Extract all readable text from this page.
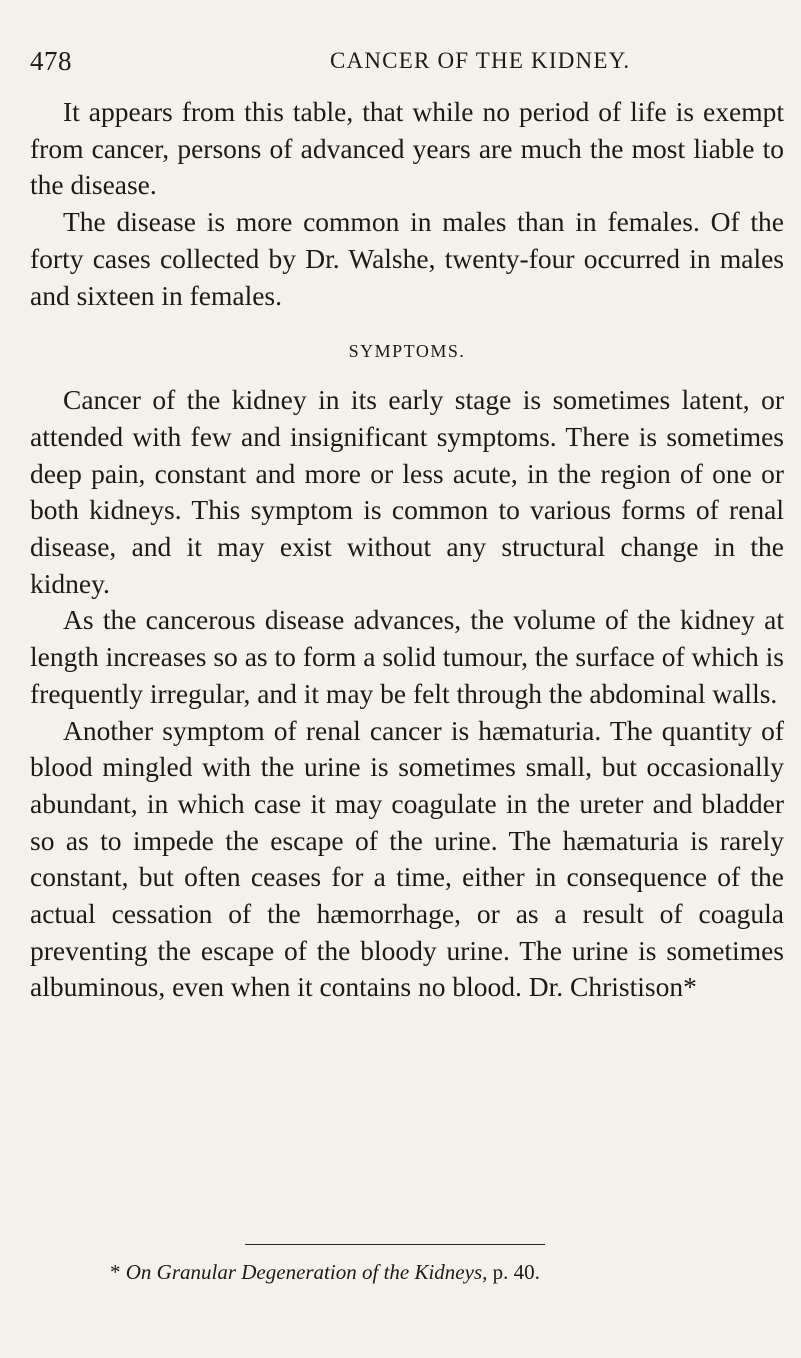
478	CANCER OF THE KIDNEY.

It appears from this table, that while no period of life is exempt from cancer, persons of advanced years are much the most liable to the disease.

The disease is more common in males than in females. Of the forty cases collected by Dr. Walshe, twenty-four occurred in males and sixteen in females.

SYMPTOMS.

Cancer of the kidney in its early stage is sometimes latent, or attended with few and insignificant symptoms. There is sometimes deep pain, constant and more or less acute, in the region of one or both kidneys. This symptom is common to various forms of renal disease, and it may exist without any structural change in the kidney.

As the cancerous disease advances, the volume of the kidney at length increases so as to form a solid tumour, the surface of which is frequently irregular, and it may be felt through the abdominal walls.

Another symptom of renal cancer is hæmaturia. The quantity of blood mingled with the urine is sometimes small, but occasionally abundant, in which case it may coagulate in the ureter and bladder so as to impede the escape of the urine. The hæmaturia is rarely constant, but often ceases for a time, either in consequence of the actual cessation of the hæmorrhage, or as a result of coagula preventing the escape of the bloody urine. The urine is sometimes albuminous, even when it contains no blood. Dr. Christison*

* On Granular Degeneration of the Kidneys, p. 40.
